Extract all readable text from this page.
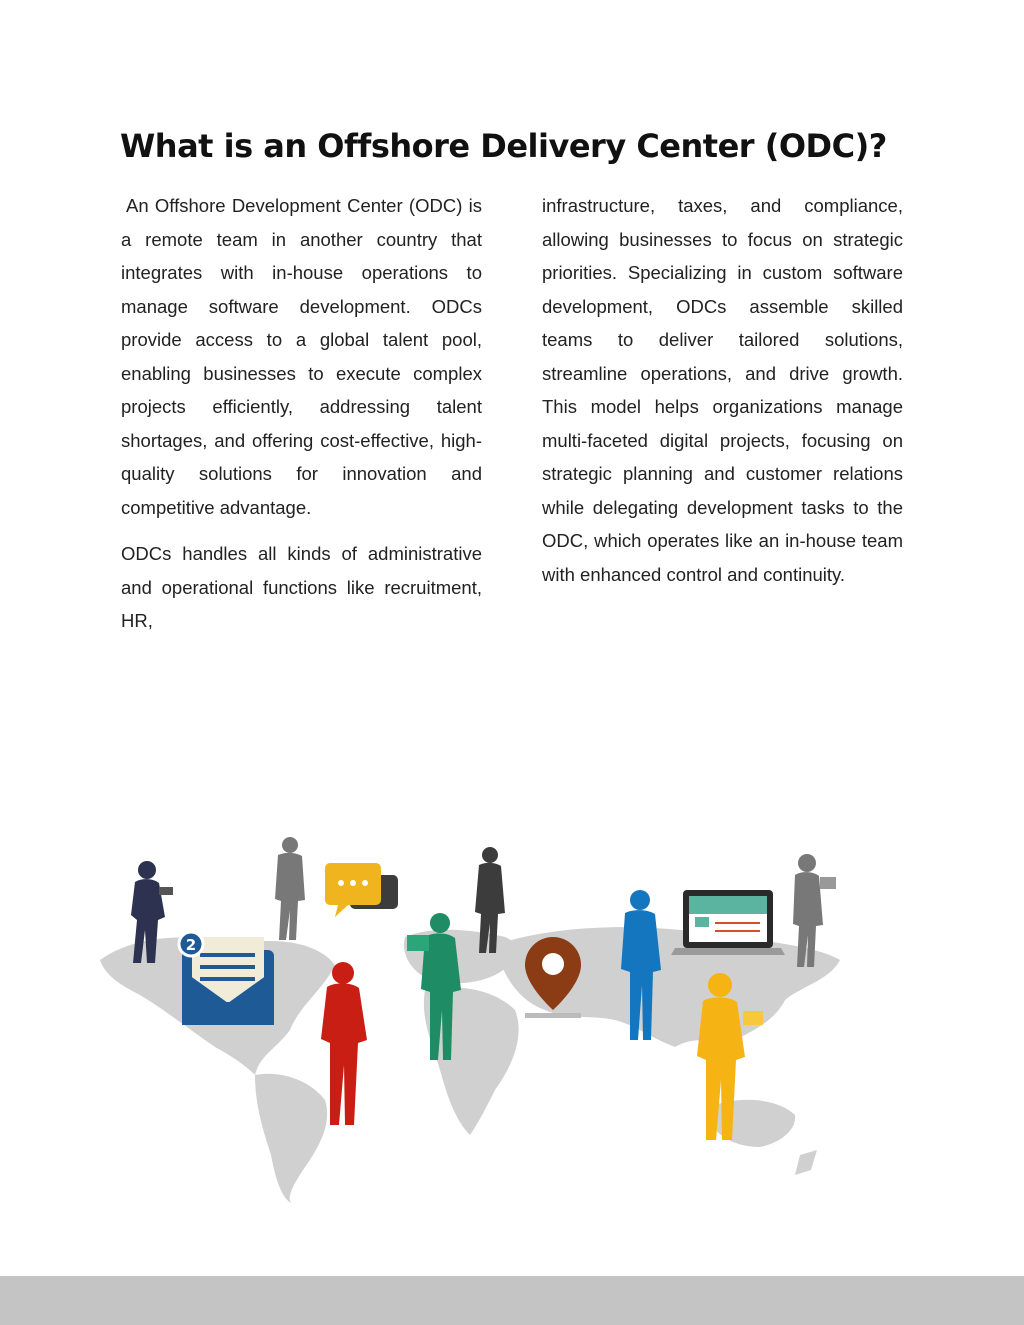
What is an Offshore Delivery Center (ODC)?

An Offshore Development Center (ODC) is a remote team in another country that integrates with in-house operations to manage software development. ODCs provide access to a global talent pool, enabling businesses to execute complex projects efficiently, addressing talent shortages, and offering cost-effective, high-quality solutions for innovation and competitive advantage.

ODCs handles all kinds of administrative and operational functions like recruitment, HR,

infrastructure, taxes, and compliance, allowing businesses to focus on strategic priorities. Specializing in custom software development, ODCs assemble skilled teams to deliver tailored solutions, streamline operations, and drive growth. This model helps organizations manage multi-faceted digital projects, focusing on strategic planning and customer relations while delegating development tasks to the ODC, which operates like an in-house team with enhanced control and continuity.

2
